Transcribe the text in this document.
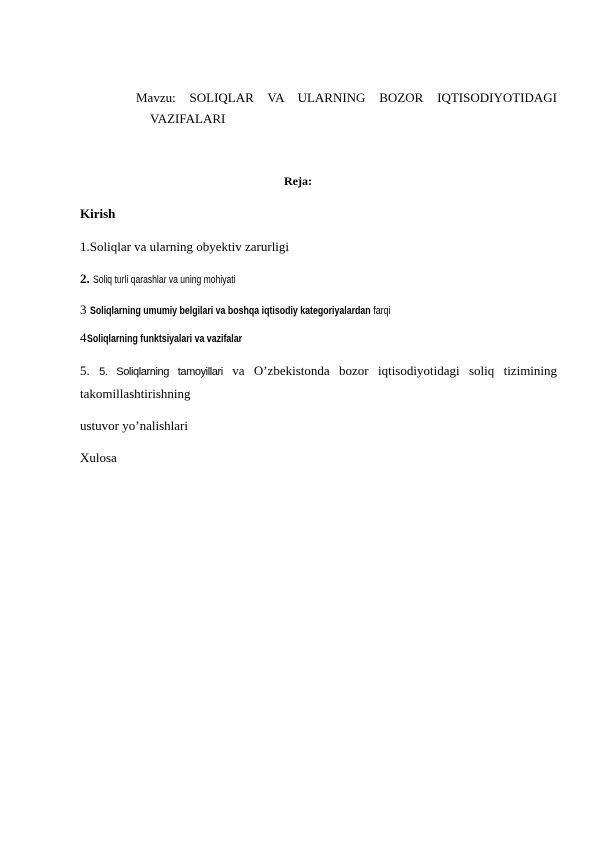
Mavzu: SOLIQLAR VA ULARNING BOZOR IQTISODIYOTIDAGI
VAZIFALARI
Reja:
Kirish
1.Soliqlar va ularning obyektiv zarurligi
2. Soliq turli qarashlar va uning mohiyati
3 Soliqlarning umumiy belgilari va boshqa iqtisodiy kategoriyalardan farqi
4Soliqlarning funktsiyalari va vazifalar
5. 5. Soliqlarning tamoyillari va O’zbekistonda bozor iqtisodiyotidagi soliq tizimining
takomillashtirishning
ustuvor yo’nalishlari
Xulosa
